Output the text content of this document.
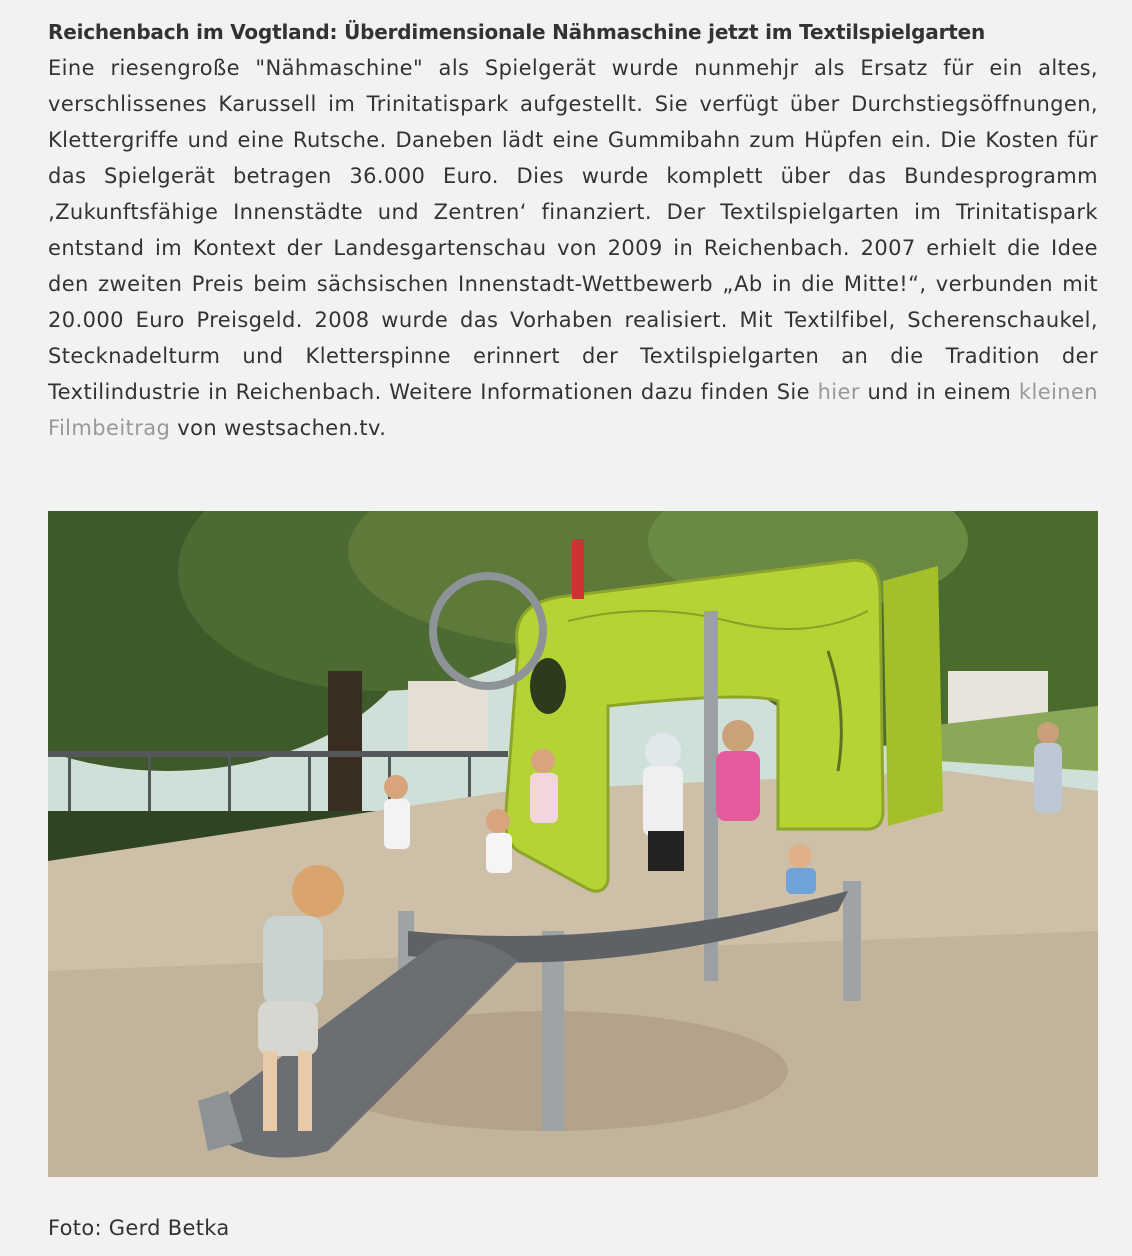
Reichenbach im Vogtland: Überdimensionale Nähmaschine jetzt im Textilspielgarten

Eine riesengroße "Nähmaschine" als Spielgerät wurde nunmehjr als Ersatz für ein altes, verschlissenes Karussell im Trinitatispark aufgestellt. Sie verfügt über Durchstiegsöffnungen, Klettergriffe und eine Rutsche. Daneben lädt eine Gummibahn zum Hüpfen ein. Die Kosten für das Spielgerät betragen 36.000 Euro. Dies wurde komplett über das Bundesprogramm ‚Zukunftsfähige Innenstädte und Zentren‘ finanziert. Der Textilspielgarten im Trinitatispark entstand im Kontext der Landesgartenschau von 2009 in Reichenbach. 2007 erhielt die Idee den zweiten Preis beim sächsischen Innenstadt-Wettbewerb „Ab in die Mitte!“, verbunden mit 20.000 Euro Preisgeld. 2008 wurde das Vorhaben realisiert. Mit Textilfibel, Scherenschaukel, Stecknadelturm und Kletterspinne erinnert der Textilspielgarten an die Tradition der Textilindustrie in Reichenbach. Weitere Informationen dazu finden Sie hier und in einem kleinen Filmbeitrag von westsachen.tv.

Foto: Gerd Betka
